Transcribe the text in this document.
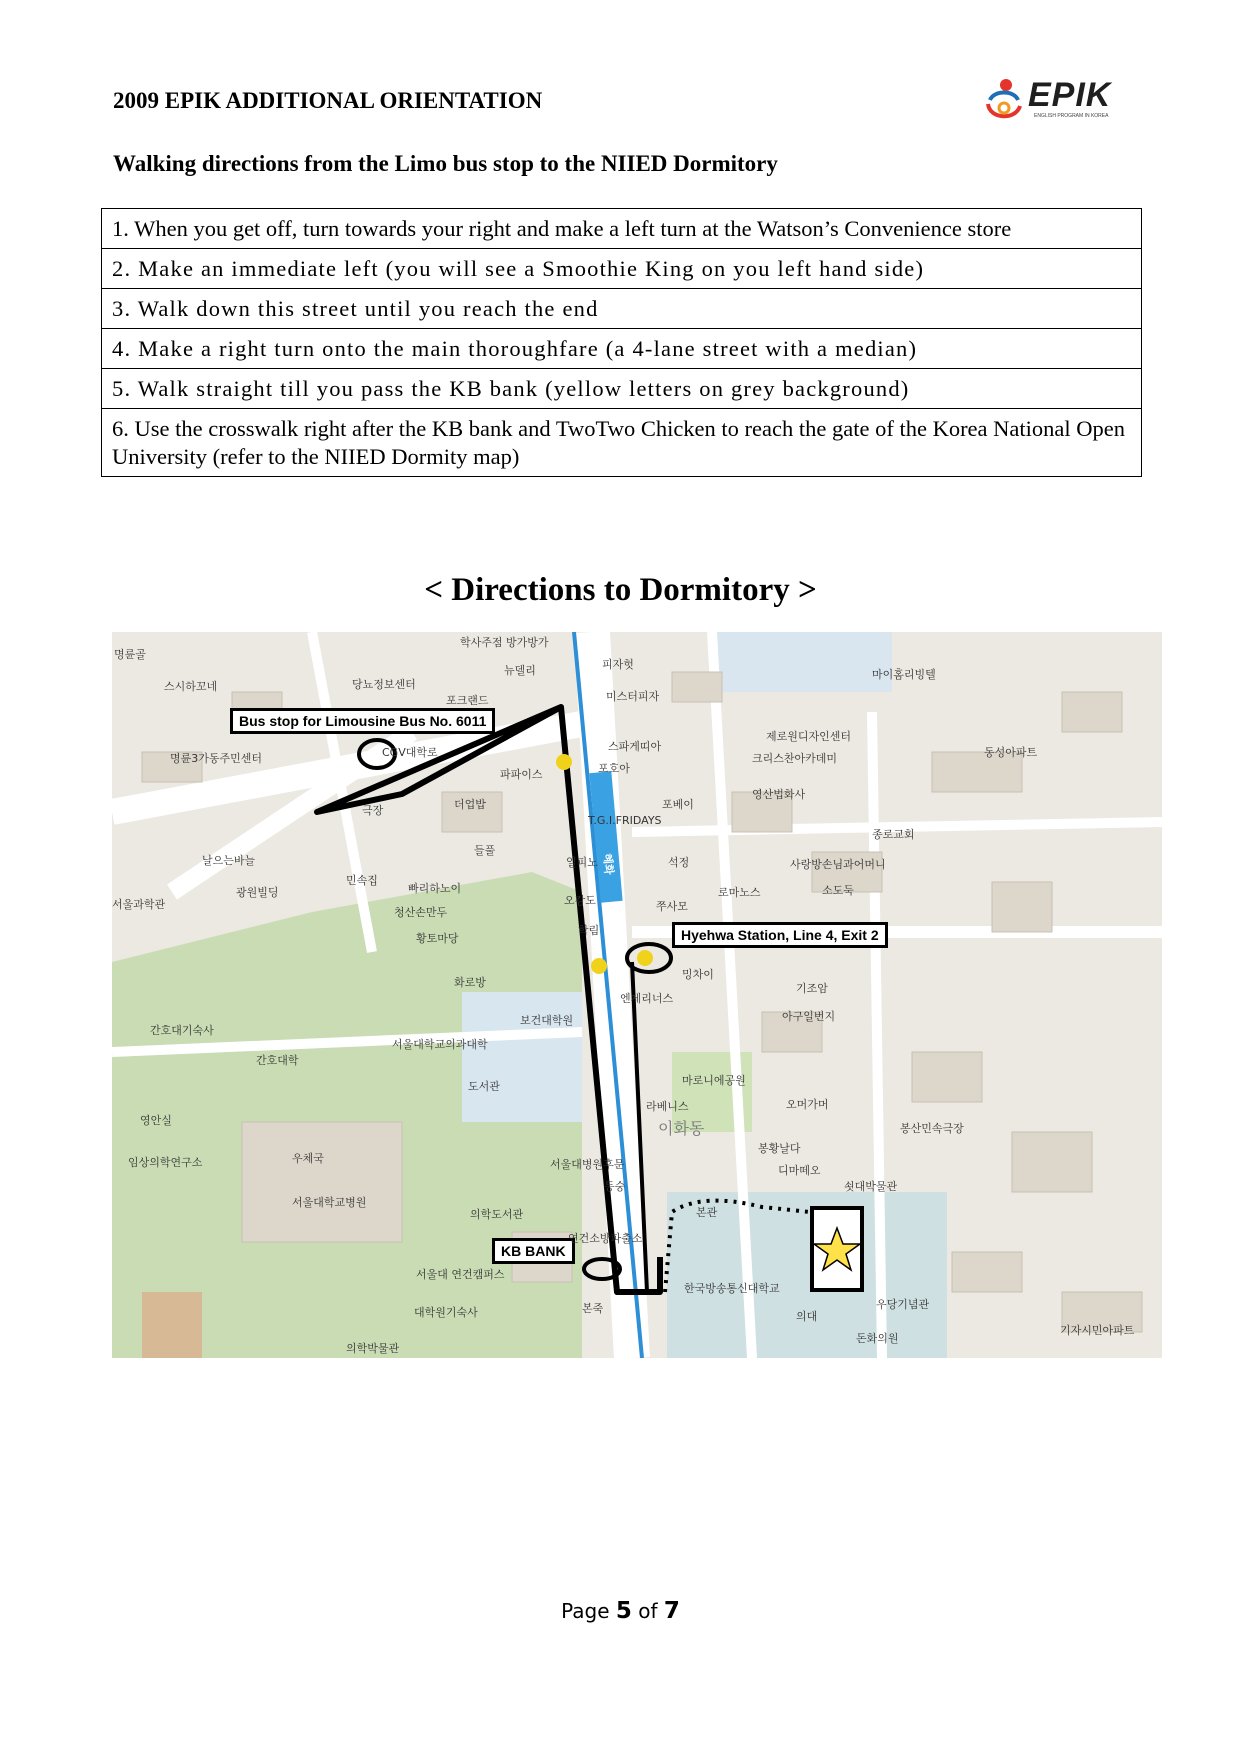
2009 EPIK ADDITIONAL ORIENTATION	EPIK
ENGLISH PROGRAM IN KOREA
Walking directions from the Limo bus stop to the NIIED Dormitory
1. When you get off, turn towards your right and make a left turn at the Watson’s Convenience store
2. Make an immediate left (you will see a Smoothie King on you left hand side)
3. Walk down this street until you reach the end
4. Make a right turn onto the main thoroughfare (a 4-lane street with a median)
5. Walk straight till you pass the KB bank (yellow letters on grey background)
6. Use the crosswalk right after the KB bank and TwoTwo Chicken to reach the gate of the Korea National Open University (refer to the NIIED Dormity map)
< Directions to Dormitory >
Bus stop for Limousine Bus No. 6011
Hyehwa Station, Line 4, Exit 2
KB BANK
명륜골
스시하꼬네	당뇨정보센터
학사주점 방가방가
뉴델리	피자헛
미스터피자
마이홈리빙텔
포크랜드
명륜3가동주민센터	CGV대학로
파파이스
스파게띠아
포호아
제로원디자인센터
크리스찬아카데미	동성아파트
영산법화사
포베이
더업밥
극장
T.G.I.FRIDAYS
종로교회
날으는바늘
들풀
일피노	석정	사랑방손님과어머니
서울과학관
광원빌딩
민속집
빠리하노이
오감도
로마노스	소도둑
쭈사모
청산손만두
황토마당
학림
밍차이
기조암
화로방
엔제리너스
아구일번지
간호대기숙사
보건대학원
서울대학교의과대학
간호대학
도서관	마로니에공원
오머가머
라베니스
이화동	봉산민속극장
영안실
임상의학연구소	우체국
서울대학교병원
서울대병원후문
봉황날다
디마떼오
쇳대박물관
동숭
본관
의학도서관
연건소방파출소
서울대 연건캠퍼스
한국방송통신대학교
우당기념관
의대
대학원기숙사	본죽
돈화의원
기자시민아파트
의학박물관
혜화
Page 5 of 7
